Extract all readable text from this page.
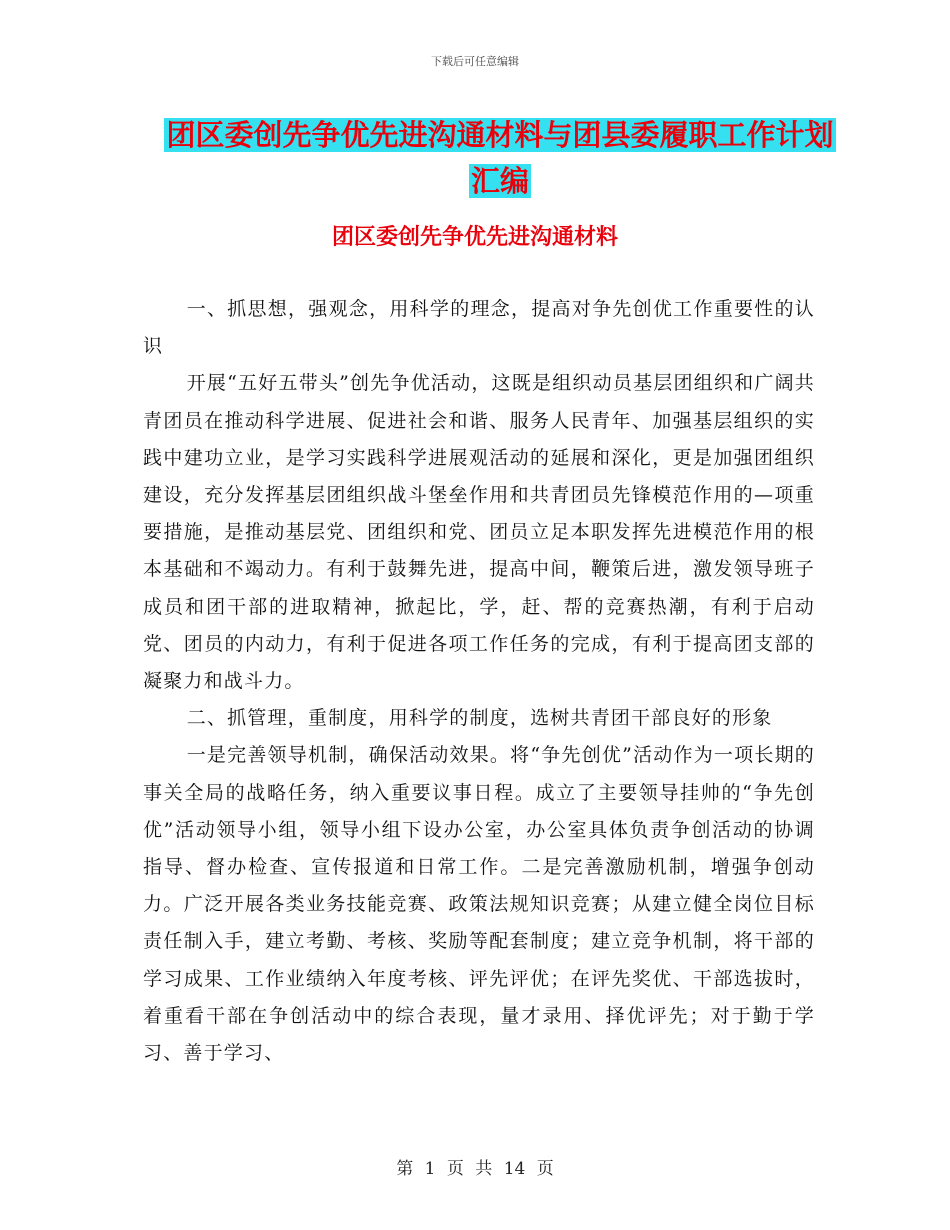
下载后可任意编辑
团区委创先争优先进沟通材料与团县委履职工作计划
汇编
团区委创先争优先进沟通材料

一、抓思想，强观念，用科学的理念，提高对争先创优工作重要性的认识

开展“五好五带头”创先争优活动，这既是组织动员基层团组织和广阔共青团员在推动科学进展、促进社会和谐、服务人民青年、加强基层组织的实践中建功立业，是学习实践科学进展观活动的延展和深化，更是加强团组织建设，充分发挥基层团组织战斗堡垒作用和共青团员先锋模范作用的—项重要措施，是推动基层党、团组织和党、团员立足本职发挥先进模范作用的根本基础和不竭动力。有利于鼓舞先进，提高中间，鞭策后进，激发领导班子成员和团干部的进取精神，掀起比，学，赶、帮的竞赛热潮，有利于启动党、团员的内动力，有利于促进各项工作任务的完成，有利于提高团支部的凝聚力和战斗力。

二、抓管理，重制度，用科学的制度，选树共青团干部良好的形象

一是完善领导机制，确保活动效果。将“争先创优”活动作为一项长期的事关全局的战略任务，纳入重要议事日程。成立了主要领导挂帅的“争先创优”活动领导小组，领导小组下设办公室，办公室具体负责争创活动的协调指导、督办检查、宣传报道和日常工作。二是完善激励机制，增强争创动力。广泛开展各类业务技能竞赛、政策法规知识竞赛；从建立健全岗位目标责任制入手，建立考勤、考核、奖励等配套制度；建立竞争机制，将干部的学习成果、工作业绩纳入年度考核、评先评优；在评先奖优、干部选拔时，着重看干部在争创活动中的综合表现，量才录用、择优评先；对于勤于学习、善于学习、

第 1 页 共 14 页
